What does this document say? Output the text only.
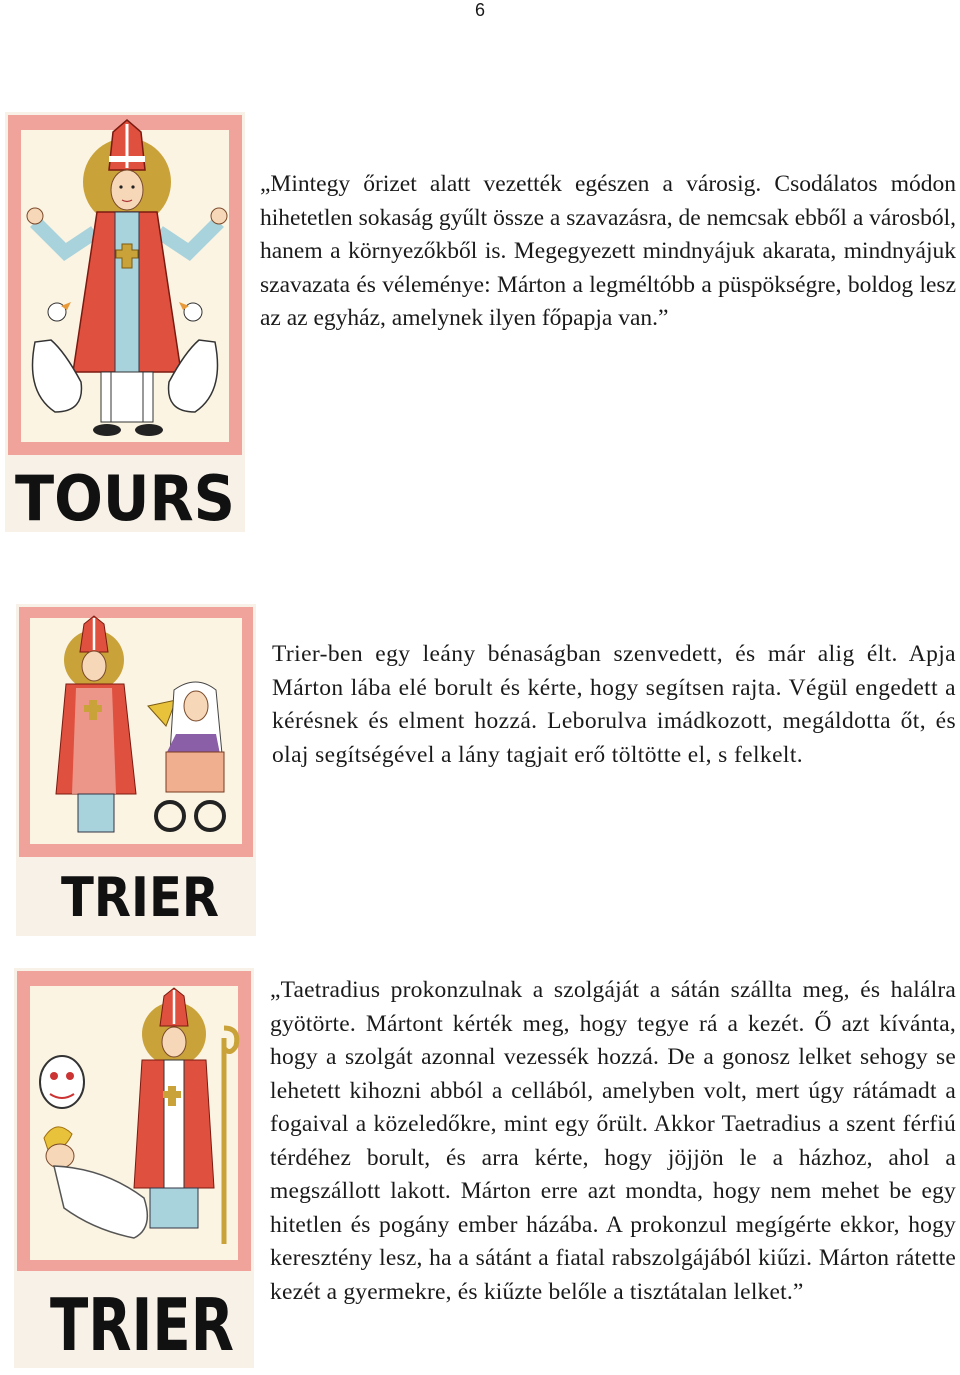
6
TOURS

„Mintegy őrizet alatt vezették egészen a városig. Csodálatos módon hihetetlen sokaság gyűlt össze a szavazásra, de nemcsak ebből a városból, hanem a környezőkből is. Megegyezett mindnyájuk akarata, mindnyájuk szavazata és véleménye: Márton a legméltóbb a püspökségre, boldog lesz az az egyház, amelynek ilyen főpapja van.”

TRIER

Trier-ben egy leány bénaságban szenvedett, és már alig élt. Apja Márton lába elé borult és kérte, hogy segítsen rajta. Végül engedett a kérésnek és elment hozzá. Leborulva imádkozott, megáldotta őt, és olaj segítségével a lány tagjait erő töltötte el, s felkelt.

TRIER

„Taetradius prokonzulnak a szolgáját a sátán szállta meg, és halálra gyötörte. Mártont kérték meg, hogy tegye rá a kezét. Ő azt kívánta, hogy a szolgát azonnal vezessék hozzá. De a gonosz lelket sehogy se lehetett kihozni abból a cellából, amelyben volt, mert úgy rátámadt a fogaival a közeledőkre, mint egy őrült. Akkor Taetradius a szent férfiú térdéhez borult, és arra kérte, hogy jöjjön le a házhoz, ahol a megszállott lakott. Márton erre azt mondta, hogy nem mehet be egy hitetlen és pogány ember házába. A prokonzul megígérte ekkor, hogy keresztény lesz, ha a sátánt a fiatal rabszolgájából kiűzi. Márton rátette kezét a gyermekre, és kiűzte belőle a tisztátalan lelket.”
